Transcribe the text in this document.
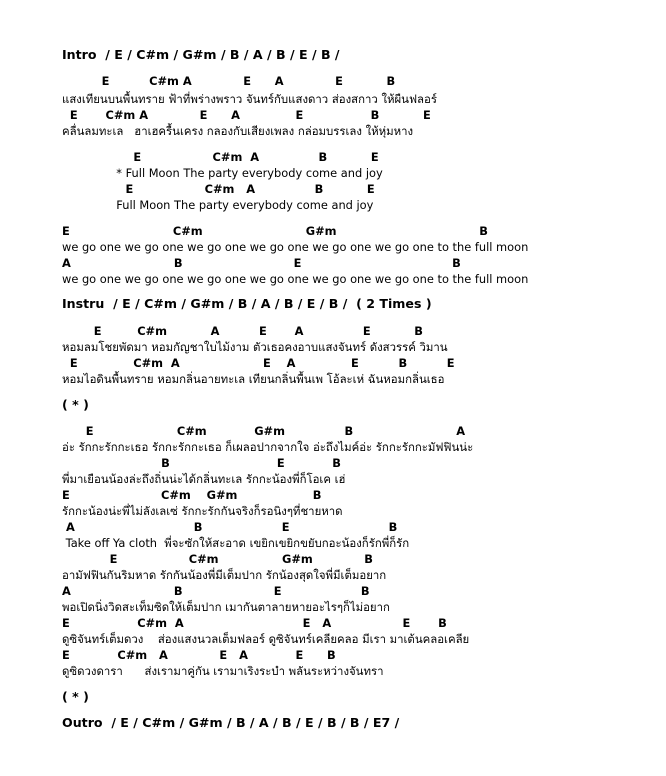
Intro  / E / C#m / G#m / B / A / B / E / B /
E          C#m A             E      A             E           B
แสงเทียนบนพื้นทราย ฟ้าที่พร่างพราว จันทร์กับแสงดาว ส่องสกาว ให้ผืนฟลอร์
E       C#m A             E      A              E                 B           E
คลื่นลมทะเล   ฮาเฮครื้นเครง กลองกับเสียงเพลง กล่อมบรรเลง ให้หุ่มหาง
E                  C#m  A               B           E
* Full Moon The party everybody come and joy
E                  C#m   A               B           E
Full Moon The party everybody come and joy
E                          C#m                          G#m                                    B
we go one we go one we go one we go one we go one we go one to the full moon
A                          B                            E                                      B
we go one we go one we go one we go one we go one we go one to the full moon
Instru  / E / C#m / G#m / B / A / B / E / B /  ( 2 Times )
E         C#m           A          E       A               E           B
หอมลมโชยพัดมา หอมกัญชาใบไม้งาม ตัวเธอคงอาบแสงจันทร์ ดังสวรรค์ วิมาน
E              C#m  A                     E    A              E          B          E
หอมไอดินพื้นทราย หอมกลิ่นอายทะเล เทียนกลิ่นพื้นเพ โอ้ละเห่ ฉันหอมกลิ่นเธอ
( * )
E                     C#m            G#m               B                          A
อ่ะ รักกะรักกะเธอ รักกะรักกะเธอ ก็เผลอปากจากใจ อ่ะถึงไมค์อ่ะ รักกะรักกะมัฟฟินน่ะ
B                           E            B
พี่มาเยือนน้องล่ะถึงถิ่นน่ะได้กลิ่นทะเล รักกะน้องพี่ก็โอเค เฮ่
E                       C#m    G#m                   B
รักกะน้องน่ะพี่ไม่ลังเลเซ่ รักกะรักกันจริงก็รอนิงๆที่ชายหาด
A                              B                    E                         B
Take off Ya cloth  พี่จะซักให้สะอาด เขยิกเขยิกขยับกอะน้องก็รักพี่ก็รัก
E                  C#m                G#m             B
อามัฟฟินกันริมหาด รักกันน้องพี่มีเต็มปาก รักน้องสุดใจพี่มีเต็มอยาก
A                          B                       E                    B
พอเปิดนิ่งวิดสะเท็มซิดให้เต็มปาก เมากันตาลายหายอะไรๆก็ไม่อยาก
E                 C#m  A                              E   A                  E       B
ดูซิจันทร์เต็มดวง    ส่องแสงนวลเต็มฟลอร์ ดูซิจันทร์เคลียคลอ มีเรา มาเต้นคลอเคลีย
E            C#m   A             E   A            E      B
ดูซิดวงดารา      ส่งเรามาคู่กัน เรามาเริงระบำ พลันระหว่างจันทรา
( * )
Outro  / E / C#m / G#m / B / A / B / E / B / B / E7 /
